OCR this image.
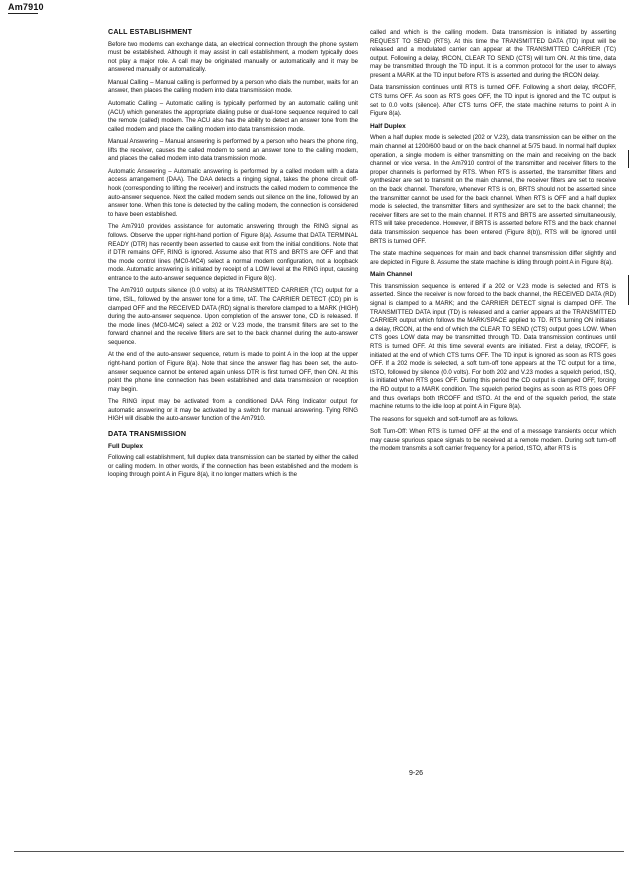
Am7910
CALL ESTABLISHMENT

Before two modems can exchange data, an electrical connection through the phone system must be established. Although it may assist in call establishment, a modem typically does not play a major role. A call may be originated manually or automatically and it may be answered manually or automatically.

Manual Calling – Manual calling is performed by a person who dials the number, waits for an answer, then places the calling modem into data transmission mode.

Automatic Calling – Automatic calling is typically performed by an automatic calling unit (ACU) which generates the appropriate dialing pulse or dual-tone sequence required to call the remote (called) modem. The ACU also has the ability to detect an answer tone from the called modem and place the calling modem into data transmission mode.

Manual Answering – Manual answering is performed by a person who hears the phone ring, lifts the receiver, causes the called modem to send an answer tone to the calling modem, and places the called modem into data transmission mode.

Automatic Answering – Automatic answering is performed by a called modem with a data access arrangement (DAA). The DAA detects a ringing signal, takes the phone circuit off-hook (corresponding to lifting the receiver) and instructs the called modem to commence the auto-answer sequence. Next the called modem sends out silence on the line, followed by an answer tone. When this tone is detected by the calling modem, the connection is considered to have been established.

The Am7910 provides assistance for automatic answering through the RING signal as follows. Observe the upper right-hand portion of Figure 8(a). Assume that DATA TERMINAL READY (DTR) has recently been asserted to cause exit from the initial conditions. Note that if DTR remains OFF, RING is ignored. Assume also that RTS and BRTS are OFF and that the mode control lines (MC0-MC4) select a normal modem configuration, not a loopback mode. Automatic answering is initiated by receipt of a LOW level at the RING input, causing entrance to the auto-answer sequence depicted in Figure 8(c).

The Am7910 outputs silence (0.0 volts) at its TRANSMITTED CARRIER (TC) output for a time, tSIL, followed by the answer tone for a time, tAT. The CARRIER DETECT (CD) pin is clamped OFF and the RECEIVED DATA (RD) signal is therefore clamped to a MARK (HIGH) during the auto-answer sequence. Upon completion of the answer tone, CD is released. If the mode lines (MC0-MC4) select a 202 or V.23 mode, the transmit filters are set to the forward channel and the receive filters are set to the back channel during the auto-answer sequence.

At the end of the auto-answer sequence, return is made to point A in the loop at the upper right-hand portion of Figure 8(a). Note that since the answer flag has been set, the auto-answer sequence cannot be entered again unless DTR is first turned OFF, then ON. At this point the phone line connection has been established and data transmission or reception may begin.

The RING input may be activated from a conditioned DAA Ring Indicator output for automatic answering or it may be activated by a switch for manual answering. Tying RING HIGH will disable the auto-answer function of the Am7910.

DATA TRANSMISSION
Full Duplex

Following call establishment, full duplex data transmission can be started by either the called or calling modem. In other words, if the connection has been established and the modem is looping through point A in Figure 8(a), it no longer matters which is the

called and which is the calling modem. Data transmission is initiated by asserting REQUEST TO SEND (RTS). At this time the TRANSMITTED DATA (TD) input will be released and a modulated carrier can appear at the TRANSMITTED CARRIER (TC) output. Following a delay, tRCON, CLEAR TO SEND (CTS) will turn ON. At this time, data may be transmitted through the TD input. It is a common protocol for the user to always present a MARK at the TD input before RTS is asserted and during the tRCON delay.

Data transmission continues until RTS is turned OFF. Following a short delay, tRCOFF, CTS turns OFF. As soon as RTS goes OFF, the TD input is ignored and the TC output is set to 0.0 volts (silence). After CTS turns OFF, the state machine returns to point A in Figure 8(a).

Half Duplex

When a half duplex mode is selected (202 or V.23), data transmission can be either on the main channel at 1200/600 baud or on the back channel at 5/75 baud. In normal half duplex operation, a single modem is either transmitting on the main and receiving on the back channel or vice versa. In the Am7910 control of the transmitter and receiver filters to the proper channels is performed by RTS. When RTS is asserted, the transmitter filters and synthesizer are set to transmit on the main channel, the receiver filters are set to receive on the back channel. Therefore, whenever RTS is on, BRTS should not be asserted since the transmitter cannot be used for the back channel. When RTS is OFF and a half duplex mode is selected, the transmitter filters and synthesizer are set to the back channel; the receiver filters are set to the main channel. If RTS and BRTS are asserted simultaneously, RTS will take precedence. However, if BRTS is asserted before RTS and the back channel data transmission sequence has been entered (Figure 8(b)), RTS will be ignored until BRTS is turned OFF.

The state machine sequences for main and back channel transmission differ slightly and are depicted in Figure 8. Assume the state machine is idling through point A in Figure 8(a).

Main Channel

This transmission sequence is entered if a 202 or V.23 mode is selected and RTS is asserted. Since the receiver is now forced to the back channel, the RECEIVED DATA (RD) signal is clamped to a MARK; and the CARRIER DETECT signal is clamped OFF. The TRANSMITTED DATA input (TD) is released and a carrier appears at the TRANSMITTED CARRIER output which follows the MARK/SPACE applied to TD. RTS turning ON initiates a delay, tRCON, at the end of which the CLEAR TO SEND (CTS) output goes LOW. When CTS goes LOW data may be transmitted through TD. Data transmission continues until RTS is turned OFF. At this time several events are initiated. First a delay, tRCOFF, is initiated at the end of which CTS turns OFF. The TD input is ignored as soon as RTS goes OFF. If a 202 mode is selected, a soft turn-off tone appears at the TC output for a time, tSTO, followed by silence (0.0 volts). For both 202 and V.23 modes a squelch period, tSQ, is initiated when RTS goes OFF. During this period the CD output is clamped OFF, forcing the RD output to a MARK condition. The squelch period begins as soon as RTS goes OFF and thus overlaps both tRCOFF and tSTO. At the end of the squelch period, the state machine returns to the idle loop at point A in Figure 8(a).

The reasons for squelch and soft-turnoff are as follows.

Soft Turn-Off: When RTS is turned OFF at the end of a message transients occur which may cause spurious space signals to be received at a remote modem. During soft turn-off the modem transmits a soft carrier frequency for a period, tSTO, after RTS is

9-26
